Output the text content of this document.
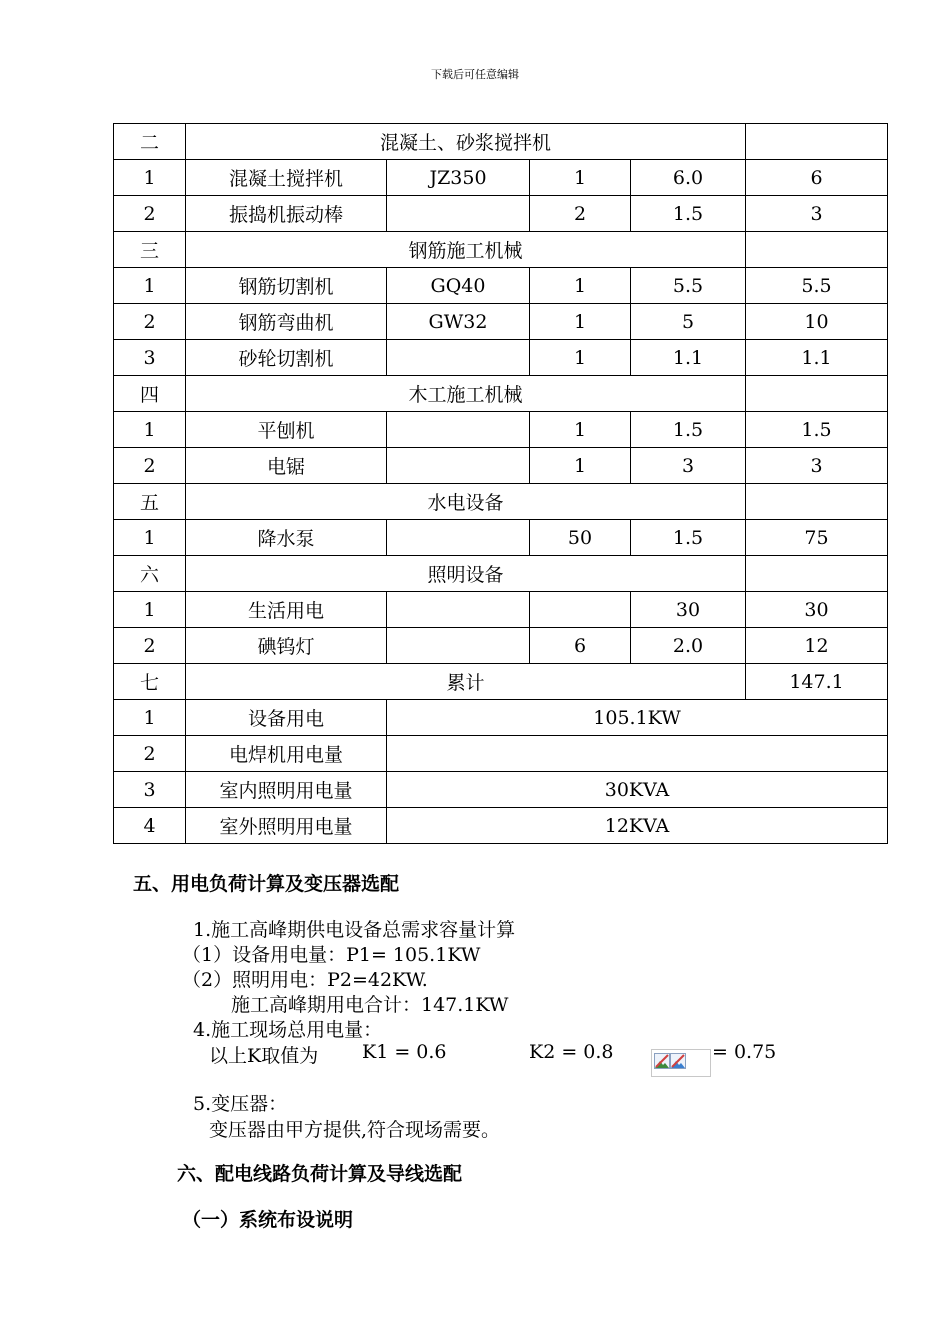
下载后可任意编辑
二	混凝土、砂浆搅拌机				
1	混凝土搅拌机	JZ350	1	6.0	6
2	振捣机振动棒		2	1.5	3
三	钢筋施工机械				
1	钢筋切割机	GQ40	1	5.5	5.5
2	钢筋弯曲机	GW32	1	5	10
3	砂轮切割机		1	1.1	1.1
四	木工施工机械				
1	平刨机		1	1.5	1.5
2	电锯		1	3	3
五	水电设备				
1	降水泵		50	1.5	75
六	照明设备				
1	生活用电			30	30
2	碘钨灯		6	2.0	12
七	累计				147.1
1	设备用电	105.1KW			
2	电焊机用电量				
3	室内照明用电量	30KVA			
4	室外照明用电量	12KVA			
五、用电负荷计算及变压器选配
1.施工高峰期供电设备总需求容量计算
（1）设备用电量：P1= 105.1KW
（2）照明用电：P2=42KW.
施工高峰期用电合计：147.1KW
4.施工现场总用电量：
以上K取值为 K1 = 0.6	K2 = 0.8	= 0.75
5.变压器：
变压器由甲方提供,符合现场需要。
六、配电线路负荷计算及导线选配
（一）系统布设说明
